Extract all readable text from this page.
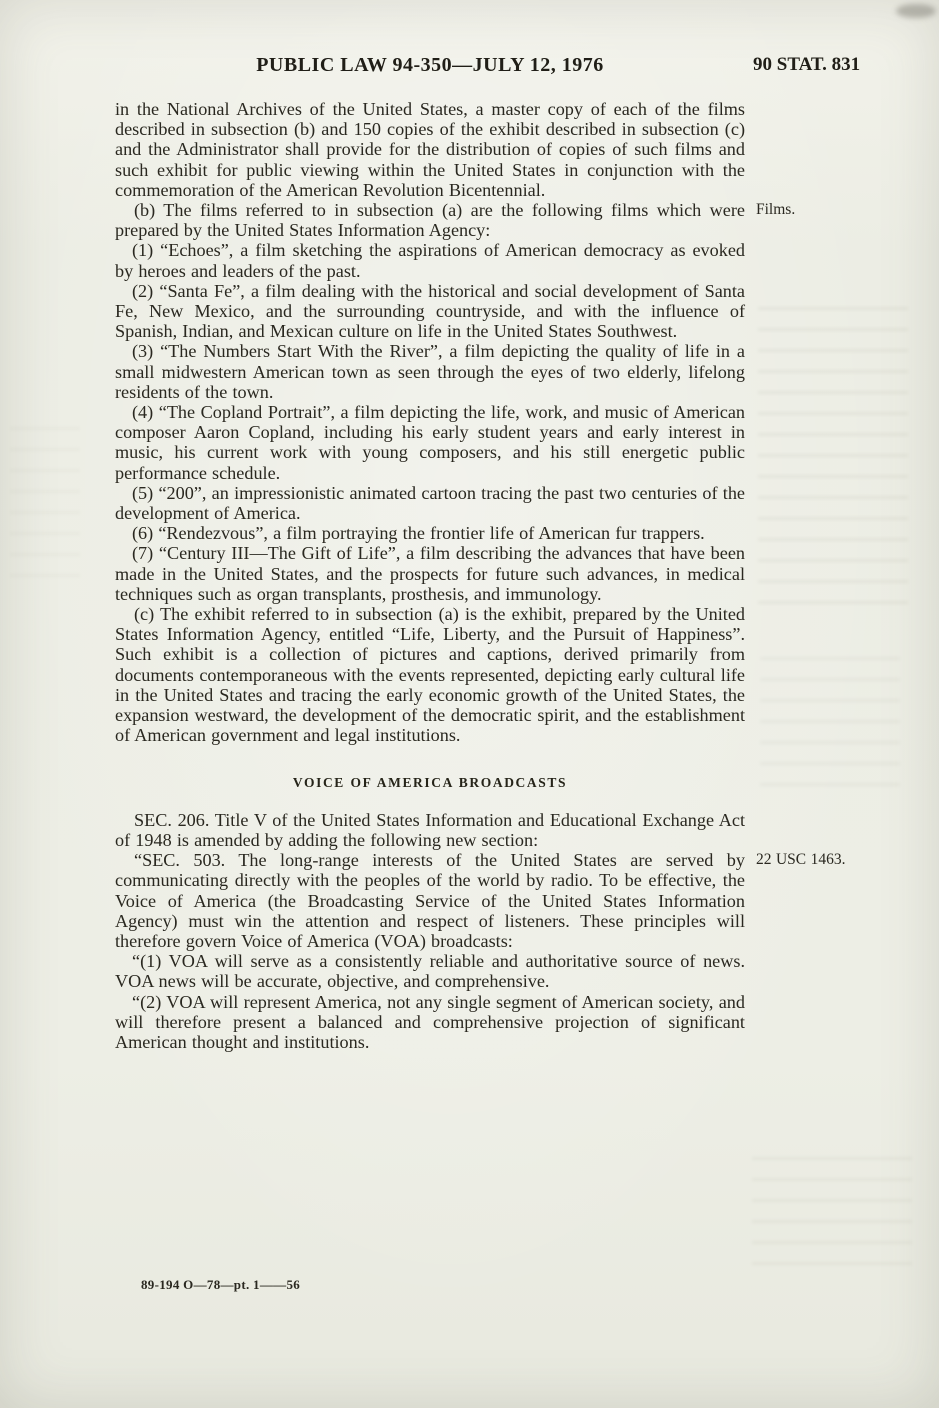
PUBLIC LAW 94-350—JULY 12, 1976	90 STAT. 831

in the National Archives of the United States, a master copy of each of the films described in subsection (b) and 150 copies of the exhibit described in subsection (c) and the Administrator shall provide for the distribution of copies of such films and such exhibit for public viewing within the United States in conjunction with the commemoration of the American Revolution Bicentennial.

(b) The films referred to in subsection (a) are the following films which were prepared by the United States Information Agency:

Films.

(1) “Echoes”, a film sketching the aspirations of American democracy as evoked by heroes and leaders of the past.

(2) “Santa Fe”, a film dealing with the historical and social development of Santa Fe, New Mexico, and the surrounding countryside, and with the influence of Spanish, Indian, and Mexican culture on life in the United States Southwest.

(3) “The Numbers Start With the River”, a film depicting the quality of life in a small midwestern American town as seen through the eyes of two elderly, lifelong residents of the town.

(4) “The Copland Portrait”, a film depicting the life, work, and music of American composer Aaron Copland, including his early student years and early interest in music, his current work with young composers, and his still energetic public performance schedule.

(5) “200”, an impressionistic animated cartoon tracing the past two centuries of the development of America.

(6) “Rendezvous”, a film portraying the frontier life of American fur trappers.

(7) “Century III—The Gift of Life”, a film describing the advances that have been made in the United States, and the prospects for future such advances, in medical techniques such as organ transplants, prosthesis, and immunology.

(c) The exhibit referred to in subsection (a) is the exhibit, prepared by the United States Information Agency, entitled “Life, Liberty, and the Pursuit of Happiness”. Such exhibit is a collection of pictures and captions, derived primarily from documents contemporaneous with the events represented, depicting early cultural life in the United States and tracing the early economic growth of the United States, the expansion westward, the development of the democratic spirit, and the establishment of American government and legal institutions.

VOICE OF AMERICA BROADCASTS

SEC. 206. Title V of the United States Information and Educational Exchange Act of 1948 is amended by adding the following new section:

“SEC. 503. The long-range interests of the United States are served by communicating directly with the peoples of the world by radio. To be effective, the Voice of America (the Broadcasting Service of the United States Information Agency) must win the attention and respect of listeners. These principles will therefore govern Voice of America (VOA) broadcasts:

22 USC 1463.

“(1) VOA will serve as a consistently reliable and authoritative source of news. VOA news will be accurate, objective, and comprehensive.

“(2) VOA will represent America, not any single segment of American society, and will therefore present a balanced and comprehensive projection of significant American thought and institutions.

89-194 O—78—pt. 1——56
